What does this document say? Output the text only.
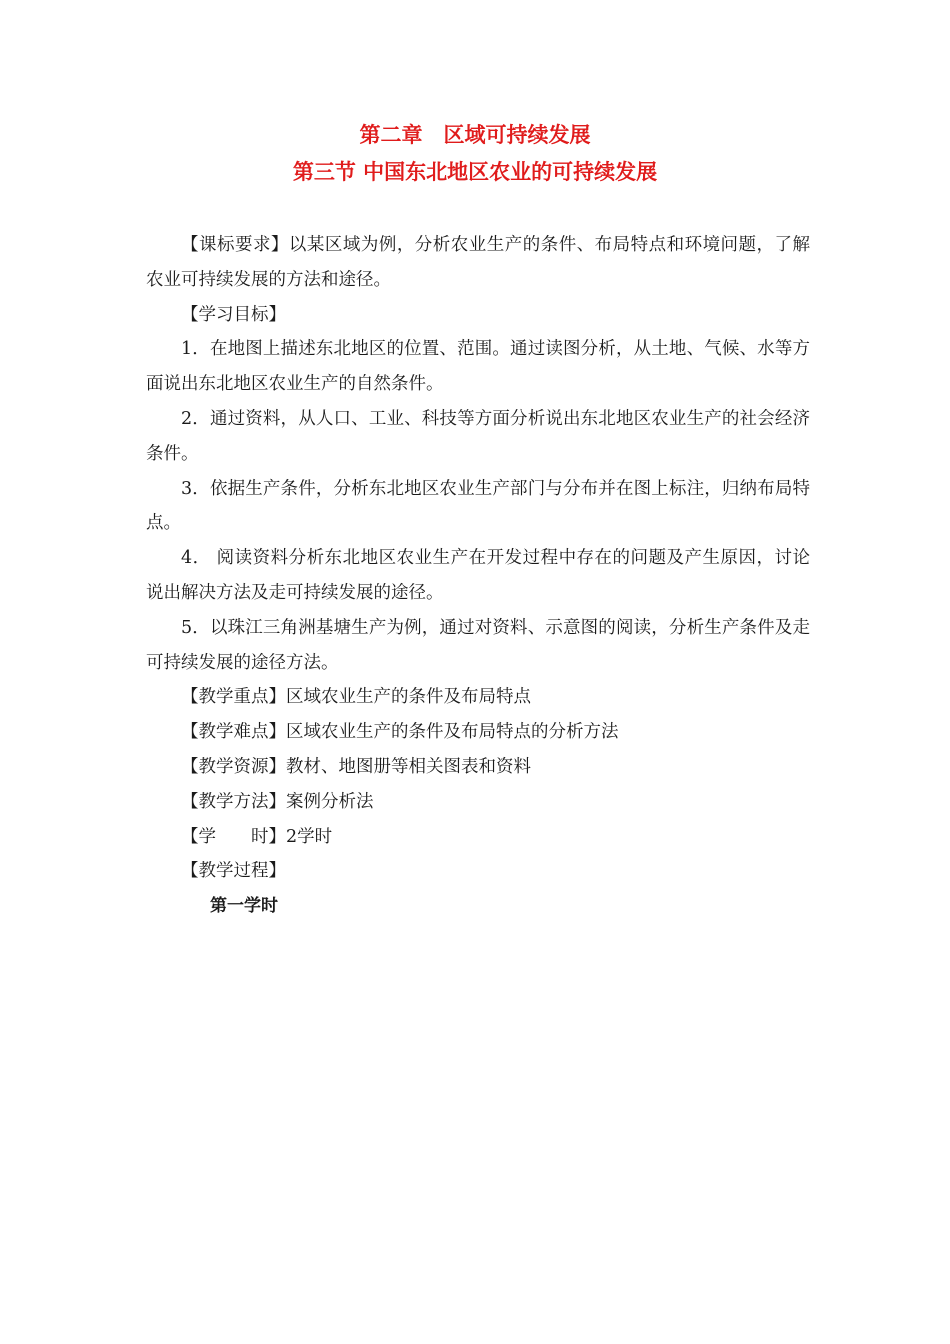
第二章　区域可持续发展
第三节 中国东北地区农业的可持续发展

【课标要求】以某区域为例，分析农业生产的条件、布局特点和环境问题，了解农业可持续发展的方法和途径。

【学习目标】

1．在地图上描述东北地区的位置、范围。通过读图分析，从土地、气候、水等方面说出东北地区农业生产的自然条件。

2．通过资料，从人口、工业、科技等方面分析说出东北地区农业生产的社会经济条件。

3．依据生产条件，分析东北地区农业生产部门与分布并在图上标注，归纳布局特点。

4． 阅读资料分析东北地区农业生产在开发过程中存在的问题及产生原因，讨论说出解决方法及走可持续发展的途径。

5．以珠江三角洲基塘生产为例，通过对资料、示意图的阅读，分析生产条件及走可持续发展的途径方法。

【教学重点】区域农业生产的条件及布局特点

【教学难点】区域农业生产的条件及布局特点的分析方法

【教学资源】教材、地图册等相关图表和资料

【教学方法】案例分析法

【学　　时】2学时

【教学过程】

第一学时
